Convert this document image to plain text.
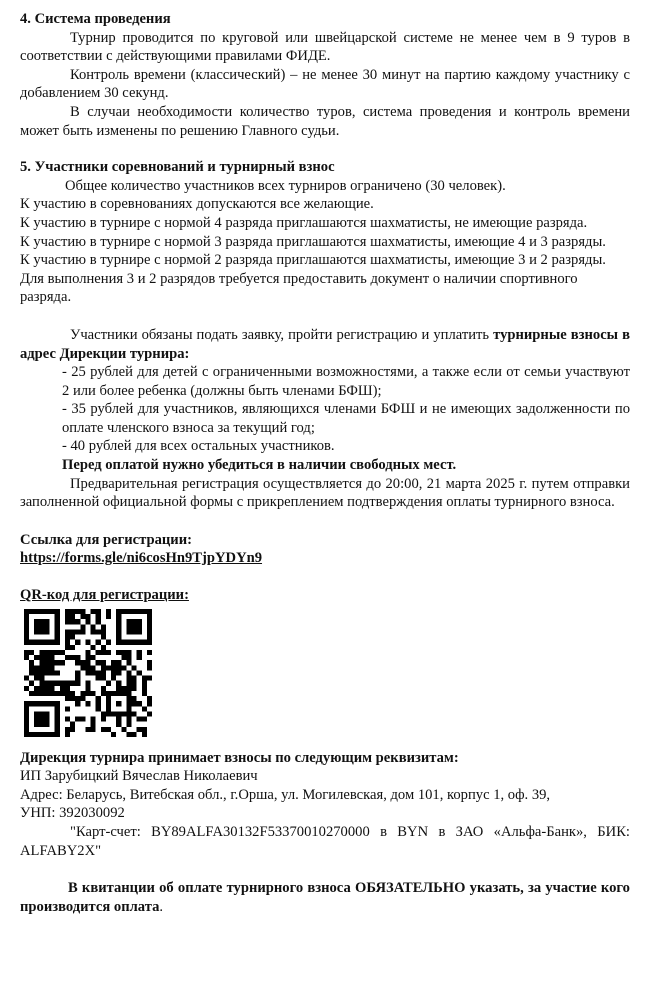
4. Система проведения

Турнир проводится по круговой или швейцарской системе не менее чем в 9 туров в соответствии с действующими правилами ФИДЕ.

Контроль времени (классический) – не менее 30 минут на партию каждому участнику с добавлением 30 секунд.

В случаи необходимости количество туров, система проведения и контроль времени может быть изменены по решению Главного судьи.

5. Участники соревнований и турнирный взнос

Общее количество участников всех турниров ограничено (30 человек).

К участию в соревнованиях допускаются все желающие.

К участию в турнире с нормой 4 разряда приглашаются шахматисты, не имеющие разряда.

К участию в турнире с нормой 3 разряда приглашаются шахматисты, имеющие 4 и 3 разряды.

К участию в турнире с нормой 2 разряда приглашаются шахматисты, имеющие 3 и 2 разряды.

Для выполнения 3 и 2 разрядов требуется предоставить документ о наличии спортивного разряда.

Участники обязаны подать заявку, пройти регистрацию и уплатить турнирные взносы в адрес Дирекции турнира:

- 25 рублей для детей с ограниченными возможностями, а также если от семьи участвуют 2 или более ребенка (должны быть членами БФШ);

- 35 рублей для участников, являющихся членами БФШ и не имеющих задолженности по оплате членского взноса за текущий год;

- 40 рублей для всех остальных участников.

Перед оплатой нужно убедиться в наличии свободных мест.

Предварительная регистрация осуществляется до 20:00, 21 марта 2025 г. путем отправки заполненной официальной формы с прикреплением подтверждения оплаты турнирного взноса.

Ссылка для регистрации:

https://forms.gle/ni6cosHn9TjpYDYn9

QR-код для регистрации:

Дирекция турнира принимает взносы по следующим реквизитам:

ИП Зарубицкий Вячеслав Николаевич

Адрес: Беларусь, Витебская обл., г.Орша, ул. Могилевская, дом 101, корпус 1, оф. 39,

УНП: 392030092

"Карт-счет: BY89ALFA30132F53370010270000 в BYN в ЗАО «Альфа-Банк», БИК: ALFABY2X"

В квитанции об оплате турнирного взноса ОБЯЗАТЕЛЬНО указать, за участие кого производится оплата.
